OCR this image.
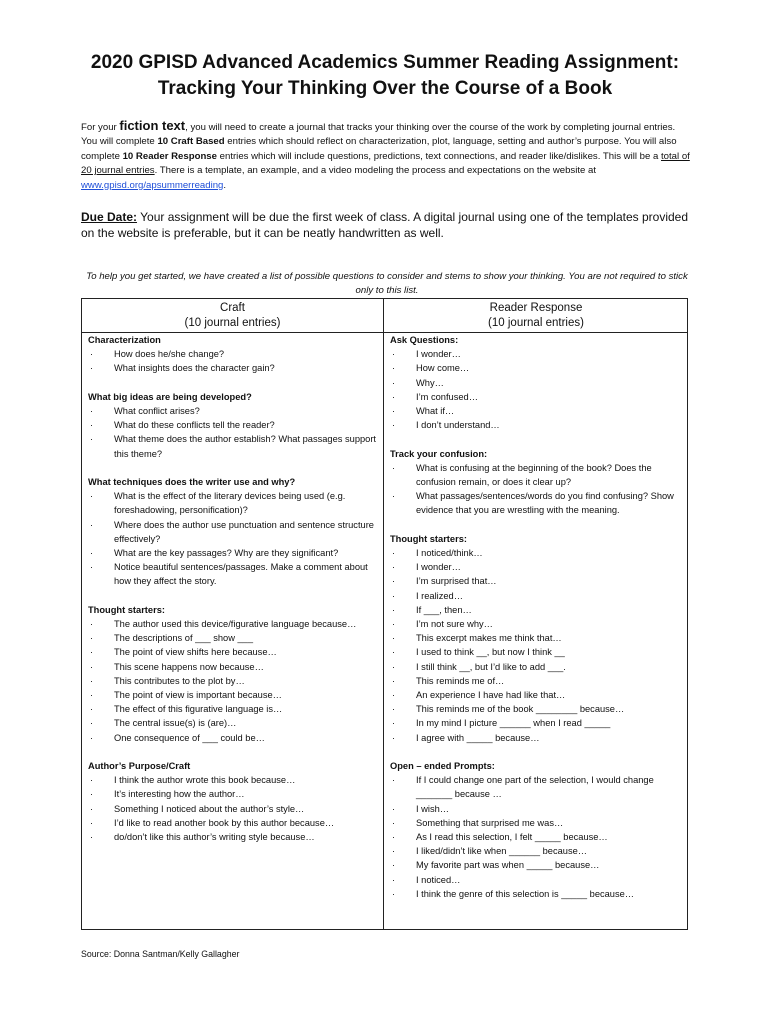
2020 GPISD Advanced Academics Summer Reading Assignment:
Tracking Your Thinking Over the Course of a Book
For your fiction text, you will need to create a journal that tracks your thinking over the course of the work by completing journal entries. You will complete 10 Craft Based entries which should reflect on characterization, plot, language, setting and author’s purpose. You will also complete 10 Reader Response entries which will include questions, predictions, text connections, and reader like/dislikes. This will be a total of 20 journal entries. There is a template, an example, and a video modeling the process and expectations on the website at www.gpisd.org/apsummerreading.
Due Date: Your assignment will be due the first week of class. A digital journal using one of the templates provided on the website is preferable, but it can be neatly handwritten as well.
To help you get started, we have created a list of possible questions to consider and stems to show your thinking. You are not required to stick only to this list.
Craft
(10 journal entries)
Reader Response
(10 journal entries)
Characterization
· How does he/she change?
· What insights does the character gain?
What big ideas are being developed?
· What conflict arises?
· What do these conflicts tell the reader?
· What theme does the author establish? What passages support this theme?
What techniques does the writer use and why?
· What is the effect of the literary devices being used (e.g. foreshadowing, personification)?
· Where does the author use punctuation and sentence structure effectively?
· What are the key passages? Why are they significant?
· Notice beautiful sentences/passages. Make a comment about how they affect the story.
Thought starters:
· The author used this device/figurative language because…
· The descriptions of ___ show ___
· The point of view shifts here because…
· This scene happens now because…
· This contributes to the plot by…
· The point of view is important because…
· The effect of this figurative language is…
· The central issue(s) is (are)…
· One consequence of ___ could be…
Author’s Purpose/Craft
· I think the author wrote this book because…
· It’s interesting how the author…
· Something I noticed about the author’s style…
· I’d like to read another book by this author because…
· do/don’t like this author’s writing style because…
Ask Questions:
· I wonder…
· How come…
· Why…
· I’m confused…
· What if…
· I don’t understand…
Track your confusion:
· What is confusing at the beginning of the book? Does the confusion remain, or does it clear up?
· What passages/sentences/words do you find confusing? Show evidence that you are wrestling with the meaning.
Thought starters:
· I noticed/think…
· I wonder…
· I’m surprised that…
· I realized…
· If ___, then…
· I’m not sure why…
· This excerpt makes me think that…
· I used to think __, but now I think __
· I still think __, but I’d like to add ___.
· This reminds me of…
· An experience I have had like that…
· This reminds me of the book ________ because…
· In my mind I picture ______ when I read _____
· I agree with _____ because…
Open – ended Prompts:
· If I could change one part of the selection, I would change _______ because …
· I wish…
· Something that surprised me was…
· As I read this selection, I felt _____ because…
· I liked/didn’t like when ______ because…
· My favorite part was when _____ because…
· I noticed…
· I think the genre of this selection is _____ because…
Source: Donna Santman/Kelly Gallagher
